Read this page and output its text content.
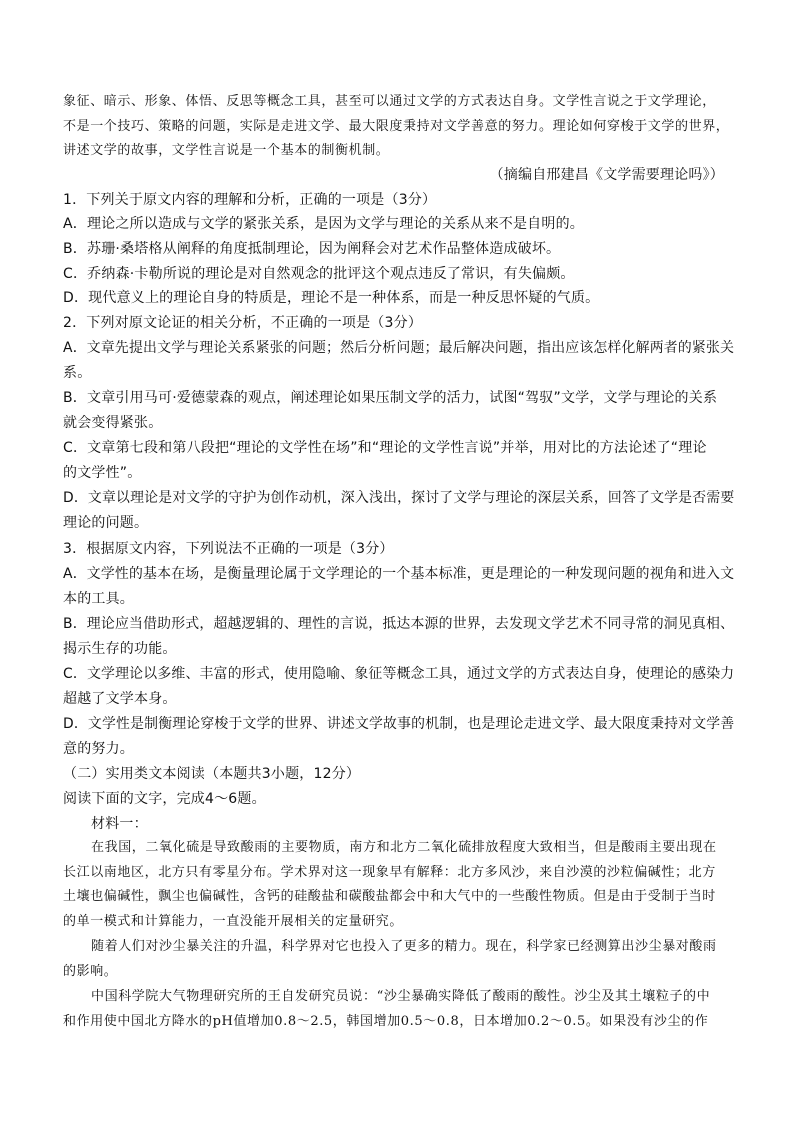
象征、暗示、形象、体悟、反思等概念工具，甚至可以通过文学的方式表达自身。文学性言说之于文学理论，
不是一个技巧、策略的问题，实际是走进文学、最大限度秉持对文学善意的努力。理论如何穿梭于文学的世界，
讲述文学的故事，文学性言说是一个基本的制衡机制。
（摘编自邢建昌《文学需要理论吗》）
1．下列关于原文内容的理解和分析，正确的一项是（3分）
A．理论之所以造成与文学的紧张关系，是因为文学与理论的关系从来不是自明的。
B．苏珊·桑塔格从阐释的角度抵制理论，因为阐释会对艺术作品整体造成破坏。
C．乔纳森·卡勒所说的理论是对自然观念的批评这个观点违反了常识，有失偏颇。
D．现代意义上的理论自身的特质是，理论不是一种体系，而是一种反思怀疑的气质。
2．下列对原文论证的相关分析，不正确的一项是（3分）
A．文章先提出文学与理论关系紧张的问题；然后分析问题；最后解决问题，指出应该怎样化解两者的紧张关
系。
B．文章引用马可·爱德蒙森的观点，阐述理论如果压制文学的活力，试图“驾驭”文学，文学与理论的关系
就会变得紧张。
C．文章第七段和第八段把“理论的文学性在场”和“理论的文学性言说”并举，用对比的方法论述了“理论
的文学性”。
D．文章以理论是对文学的守护为创作动机，深入浅出，探讨了文学与理论的深层关系，回答了文学是否需要
理论的问题。
3．根据原文内容，下列说法不正确的一项是（3分）
A．文学性的基本在场，是衡量理论属于文学理论的一个基本标准，更是理论的一种发现问题的视角和进入文
本的工具。
B．理论应当借助形式，超越逻辑的、理性的言说，抵达本源的世界，去发现文学艺术不同寻常的洞见真相、
揭示生存的功能。
C．文学理论以多维、丰富的形式，使用隐喻、象征等概念工具，通过文学的方式表达自身，使理论的感染力
超越了文学本身。
D．文学性是制衡理论穿梭于文学的世界、讲述文学故事的机制，也是理论走进文学、最大限度秉持对文学善
意的努力。
（二）实用类文本阅读（本题共3小题，12分）
阅读下面的文字，完成4～6题。
材料一：
在我国，二氧化硫是导致酸雨的主要物质，南方和北方二氧化硫排放程度大致相当，但是酸雨主要出现在
长江以南地区，北方只有零星分布。学术界对这一现象早有解释：北方多风沙，来自沙漠的沙粒偏碱性；北方
土壤也偏碱性，飘尘也偏碱性，含钙的硅酸盐和碳酸盐都会中和大气中的一些酸性物质。但是由于受制于当时
的单一模式和计算能力，一直没能开展相关的定量研究。
随着人们对沙尘暴关注的升温，科学界对它也投入了更多的精力。现在，科学家已经测算出沙尘暴对酸雨
的影响。
中国科学院大气物理研究所的王自发研究员说：“沙尘暴确实降低了酸雨的酸性。沙尘及其土壤粒子的中
和作用使中国北方降水的pH值增加0.8～2.5，韩国增加0.5～0.8，日本增加0.2～0.5。如果没有沙尘的作
